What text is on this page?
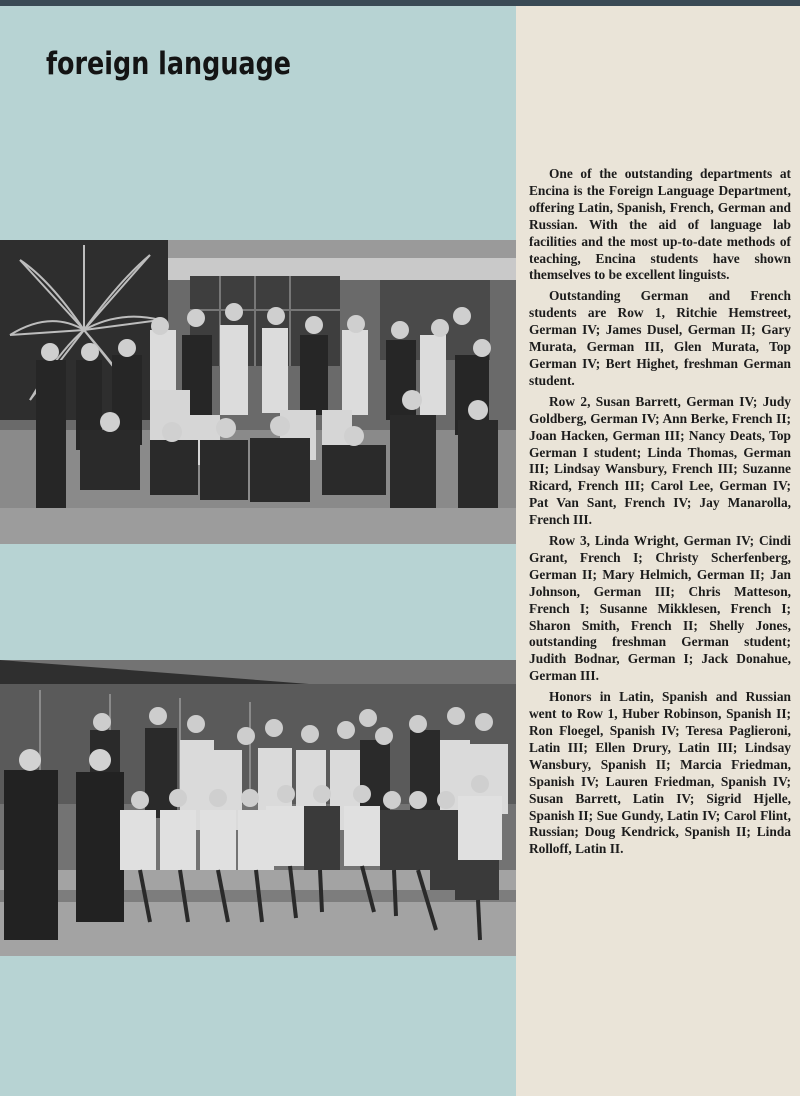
foreign language

One of the outstanding departments at Encina is the Foreign Language Department, offering Latin, Spanish, French, German and Russian. With the aid of language lab facilities and the most up-to-date methods of teaching, Encina students have shown themselves to be excellent linguists.

Outstanding German and French students are Row 1, Ritchie Hemstreet, German IV; James Dusel, German II; Gary Murata, German III, Glen Murata, Top German IV; Bert Highet, freshman German student.

Row 2, Susan Barrett, German IV; Judy Goldberg, German IV; Ann Berke, French II; Joan Hacken, German III; Nancy Deats, Top German I student; Linda Thomas, German III; Lindsay Wansbury, French III; Suzanne Ricard, French III; Carol Lee, German IV; Pat Van Sant, French IV; Jay Manarolla, French III.

Row 3, Linda Wright, German IV; Cindi Grant, French I; Christy Scherfenberg, German II; Mary Helmich, German II; Jan Johnson, German III; Chris Matteson, French I; Susanne Mikklesen, French I; Sharon Smith, French II; Shelly Jones, outstanding freshman German student; Judith Bodnar, German I; Jack Donahue, German III.

Honors in Latin, Spanish and Russian went to Row 1, Huber Robinson, Spanish II; Ron Floegel, Spanish IV; Teresa Paglieroni, Latin III; Ellen Drury, Latin III; Lindsay Wansbury, Spanish II; Marcia Friedman, Spanish IV; Lauren Friedman, Spanish IV; Susan Barrett, Latin IV; Sigrid Hjelle, Spanish II; Sue Gundy, Latin IV; Carol Flint, Russian; Doug Kendrick, Spanish II; Linda Rolloff, Latin II.
